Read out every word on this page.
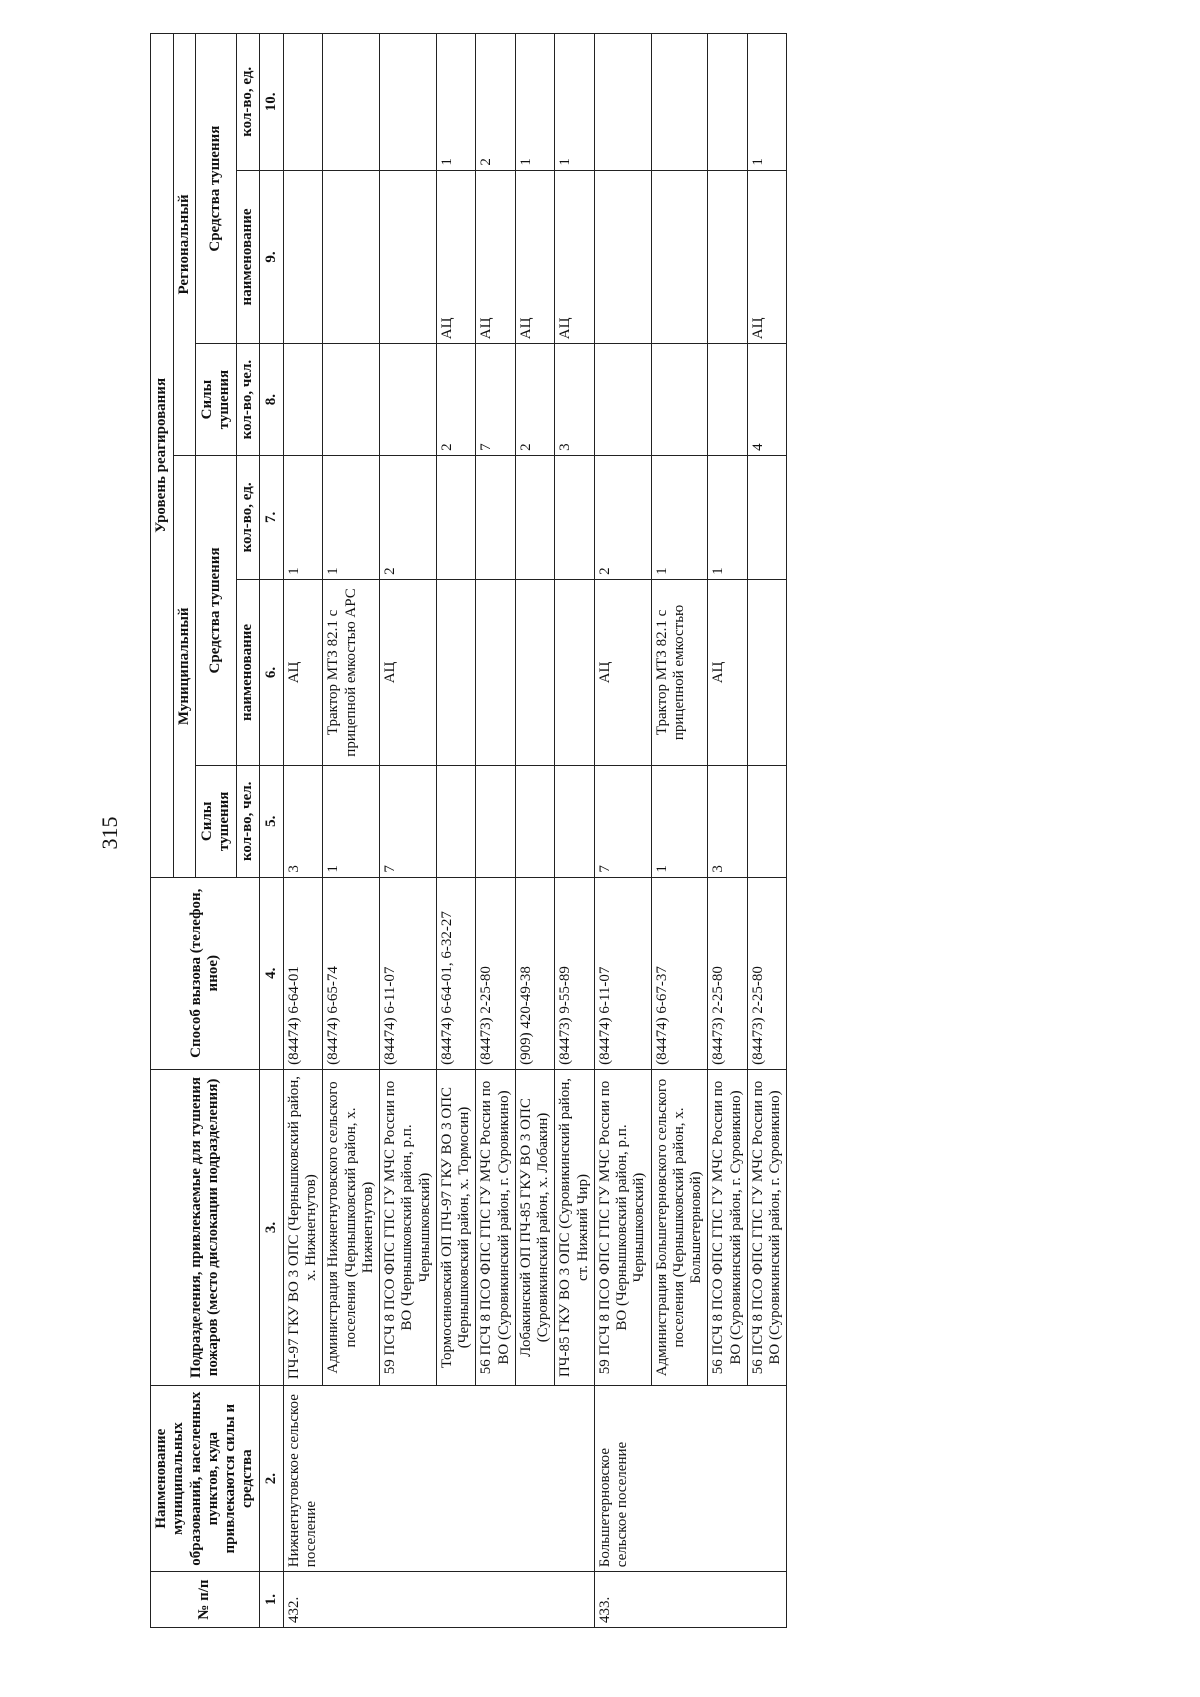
315
№ п/п	Наименование муниципальных образований, населенных пунктов, куда привлекаются силы и средства	Подразделения, привлекаемые для тушения пожаров (место дислокации подразделения)	Способ вызова (телефон, иное)	Уровень реагирования					
				Муниципальный			Региональный		
				Силы тушения	Средства тушения		Силы тушения	Средства тушения	
				кол-во, чел.	наименование	кол-во, ед.	кол-во, чел.	наименование	кол-во, ед.
1.	2.	3.	4.	5.	6.	7.	8.	9.	10.
432.	Нижнегнутовское сельское поселение	ПЧ-97 ГКУ ВО 3 ОПС (Чернышковский район, х. Нижнегнутов)	(84474) 6-64-01	3	АЦ	1			
		Администрация Нижнегнутовского сельского поселения (Чернышковский район, х. Нижнегнутов)	(84474) 6-65-74	1	Трактор МТЗ 82.1 с прицепной емкостью АРС	1			
		59 ПСЧ 8 ПСО ФПС ГПС ГУ МЧС России по ВО (Чернышковский район, р.п. Чернышковский)	(84474) 6-11-07	7	АЦ	2			
		Тормосиновский ОП ПЧ-97 ГКУ ВО 3 ОПС (Чернышковский район, х. Тормосин)	(84474) 6-64-01, 6-32-27				2	АЦ	1
		56 ПСЧ 8 ПСО ФПС ГПС ГУ МЧС России по ВО (Суровикинский район, г. Суровикино)	(84473) 2-25-80				7	АЦ	2
		Лобакинский ОП ПЧ-85 ГКУ ВО 3 ОПС (Суровикинский район, х. Лобакин)	(909) 420-49-38				2	АЦ	1
		ПЧ-85 ГКУ ВО 3 ОПС (Суровикинский район, ст. Нижний Чир)	(84473) 9-55-89				3	АЦ	1
433.	Большетерновское сельское поселение	59 ПСЧ 8 ПСО ФПС ГПС ГУ МЧС России по ВО (Чернышковский район, р.п. Чернышковский)	(84474) 6-11-07	7	АЦ	2			
		Администрация Большетерновского сельского поселения (Чернышковский район, х. Большетерновой)	(84474) 6-67-37	1	Трактор МТЗ 82.1 с прицепной емкостью	1			
		56 ПСЧ 8 ПСО ФПС ГПС ГУ МЧС России по ВО (Суровикинский район, г. Суровикино)	(84473) 2-25-80	3	АЦ	1			
		56 ПСЧ 8 ПСО ФПС ГПС ГУ МЧС России по ВО (Суровикинский район, г. Суровикино)	(84473) 2-25-80				4	АЦ	1
